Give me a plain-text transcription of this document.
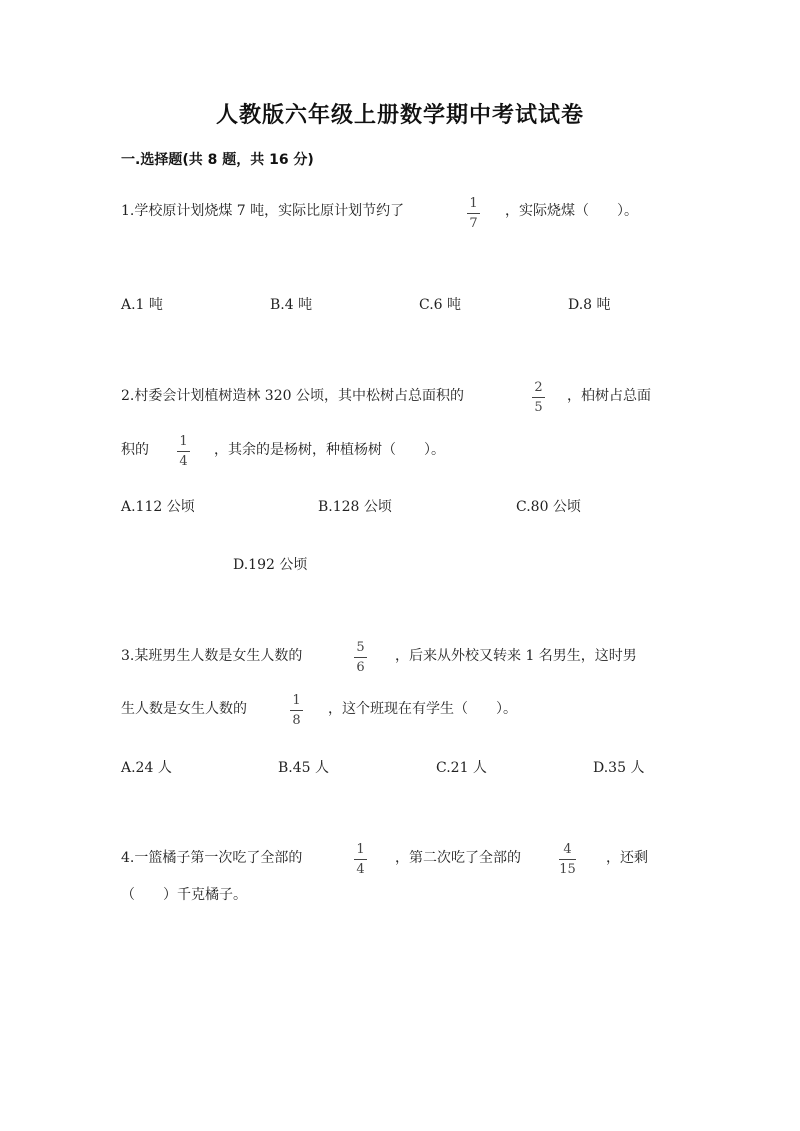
人教版六年级上册数学期中考试试卷
一.选择题(共 8 题，共 16 分)
1.学校原计划烧煤 7 吨，实际比原计划节约了	1
7
，实际烧煤（　　）。
A.1 吨	B.4 吨	C.6 吨	D.8 吨
2.村委会计划植树造林 320 公顷，其中松树占总面积的
2
5
，柏树占总面
积的
1
4
，其余的是杨树，种植杨树（　　）。
A.112 公顷	B.128 公顷	C.80 公顷
D.192 公顷
3.某班男生人数是女生人数的
5
6
，后来从外校又转来 1 名男生，这时男
生人数是女生人数的
1
8
，这个班现在有学生（　　）。
A.24 人	B.45 人	C.21 人	D.35 人
4.一篮橘子第一次吃了全部的
1
4
，第二次吃了全部的
4
15
，还剩
（　　）千克橘子。
